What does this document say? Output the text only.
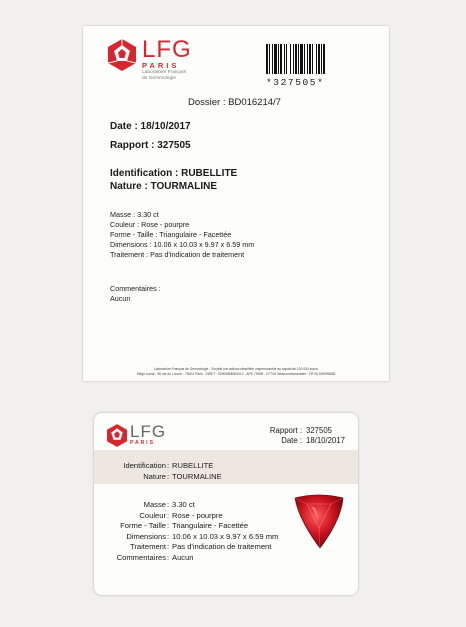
LFG
PARIS
Laboratoire Français
de Gemmologie	*327505*
Dossier : BD016214/7
Date : 18/10/2017
Rapport : 327505
Identification : RUBELLITE
Nature : TOURMALINE
Masse : 3.30 ct
Couleur : Rose - pourpre
Forme - Taille : Triangulaire - Facettée
Dimensions : 10.06 x 10.03 x 9.97 x 6.59 mm
Traitement : Pas d'indication de traitement
Commentaires :
Aucun
Laboratoire Français de Gemmologie - Société par actions simplifiée unipersonnelle au capital de 100 000 euros
Siège social : 38 rue du Louvre - 75002 Paris - SIRET : 52909868300012 - APE 7490B - N°TVA Intracommunautaire : FR 06 529098683
LFG
PARIS
Rapport :
Date :
327505
18/10/2017
Identification
Nature
:
:
RUBELLITE
TOURMALINE
Masse
Couleur
Forme - Taille
Dimensions
Traitement
Commentaires
:
:
:
:
:
:
3.30 ct
Rose - pourpre
Triangulaire - Facettée
10.06 x 10.03 x 9.97 x 6.59 mm
Pas d'indication de traitement
Aucun
